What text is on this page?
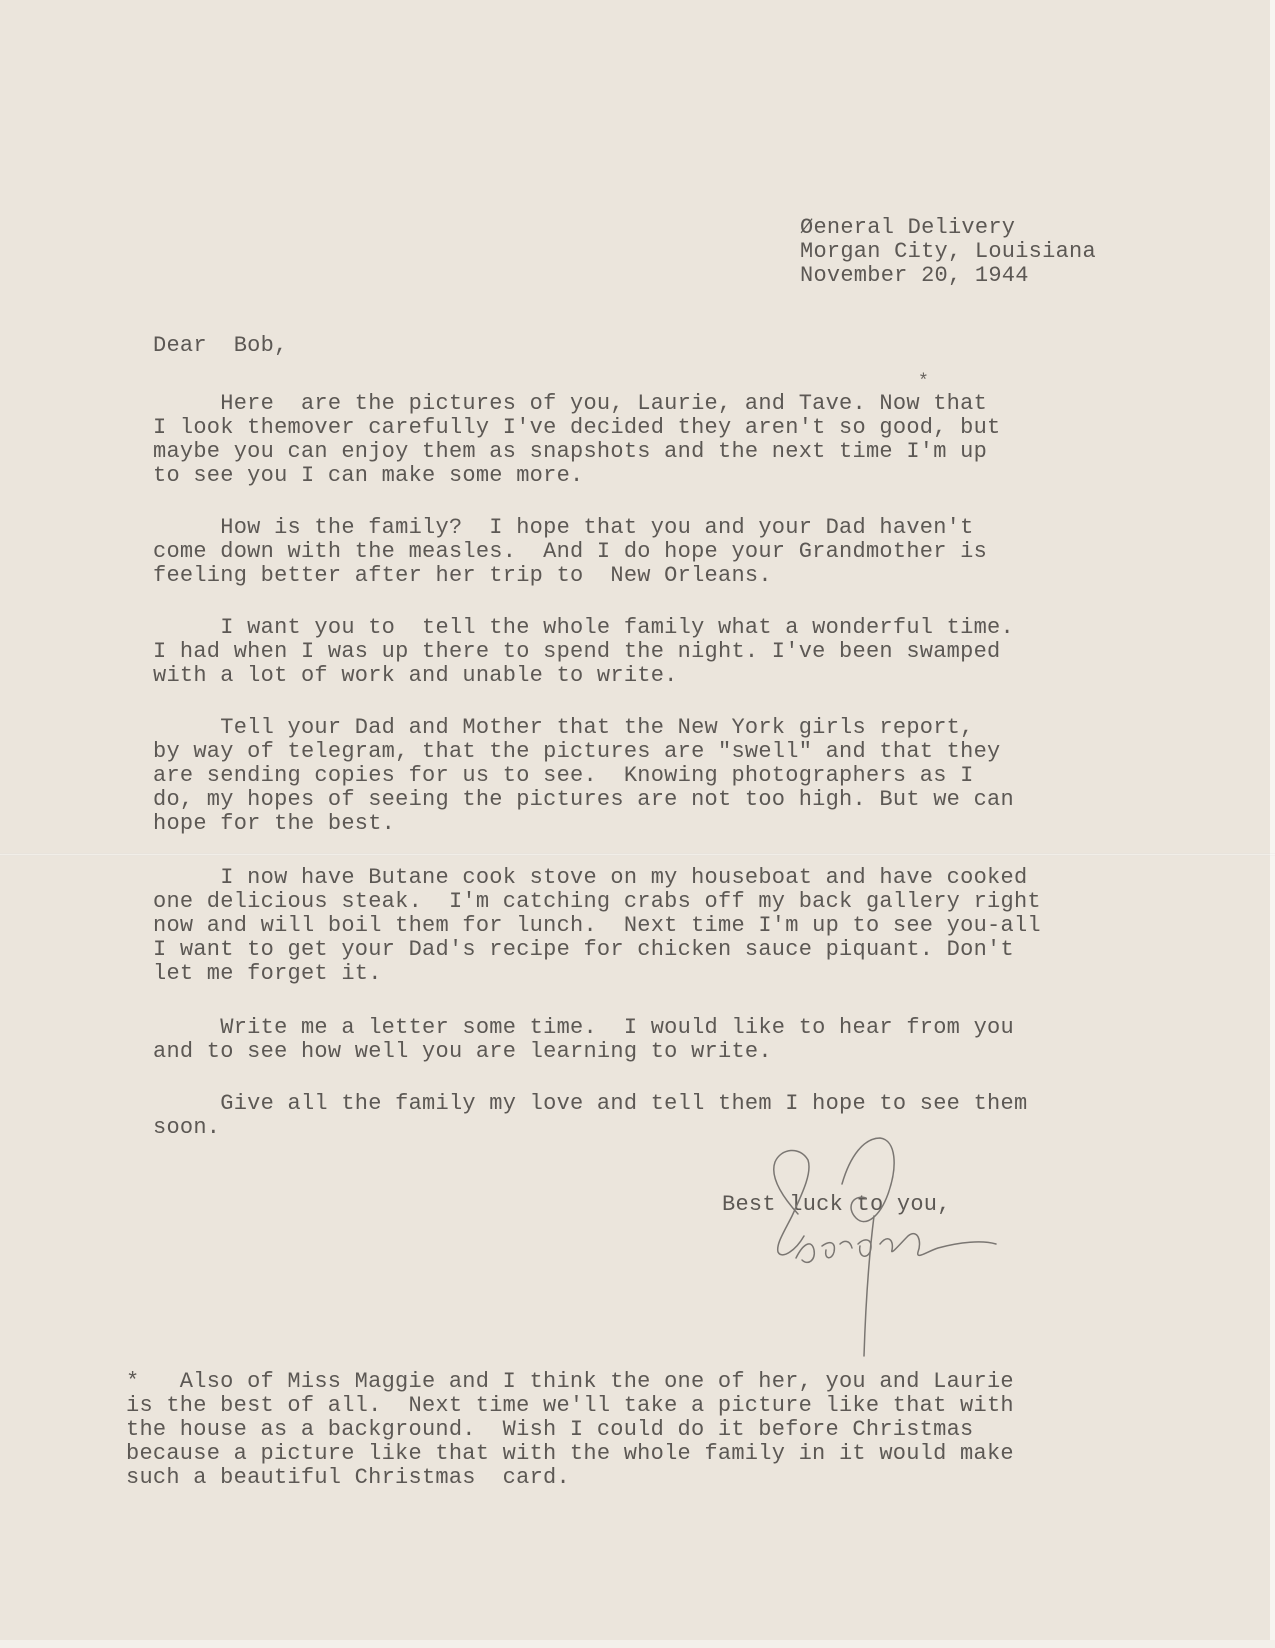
Øeneral Delivery
Morgan City, Louisiana
November 20, 1944
Dear  Bob,
*
Here  are the pictures of you, Laurie, and Tave. Now that
I look themover carefully I've decided they aren't so good, but
maybe you can enjoy them as snapshots and the next time I'm up
to see you I can make some more.
How is the family?  I hope that you and your Dad haven't
come down with the measles.  And I do hope your Grandmother is
feeling better after her trip to  New Orleans.
I want you to  tell the whole family what a wonderful time.
I had when I was up there to spend the night. I've been swamped
with a lot of work and unable to write.
Tell your Dad and Mother that the New York girls report,
by way of telegram, that the pictures are "swell" and that they
are sending copies for us to see.  Knowing photographers as I
do, my hopes of seeing the pictures are not too high. But we can
hope for the best.
I now have Butane cook stove on my houseboat and have cooked
one delicious steak.  I'm catching crabs off my back gallery right
now and will boil them for lunch.  Next time I'm up to see you-all
I want to get your Dad's recipe for chicken sauce piquant. Don't
let me forget it.
Write me a letter some time.  I would like to hear from you
and to see how well you are learning to write.
Give all the family my love and tell them I hope to see them
soon.
Best luck to you,
*   Also of Miss Maggie and I think the one of her, you and Laurie
is the best of all.  Next time we'll take a picture like that with
the house as a background.  Wish I could do it before Christmas
because a picture like that with the whole family in it would make
such a beautiful Christmas  card.
